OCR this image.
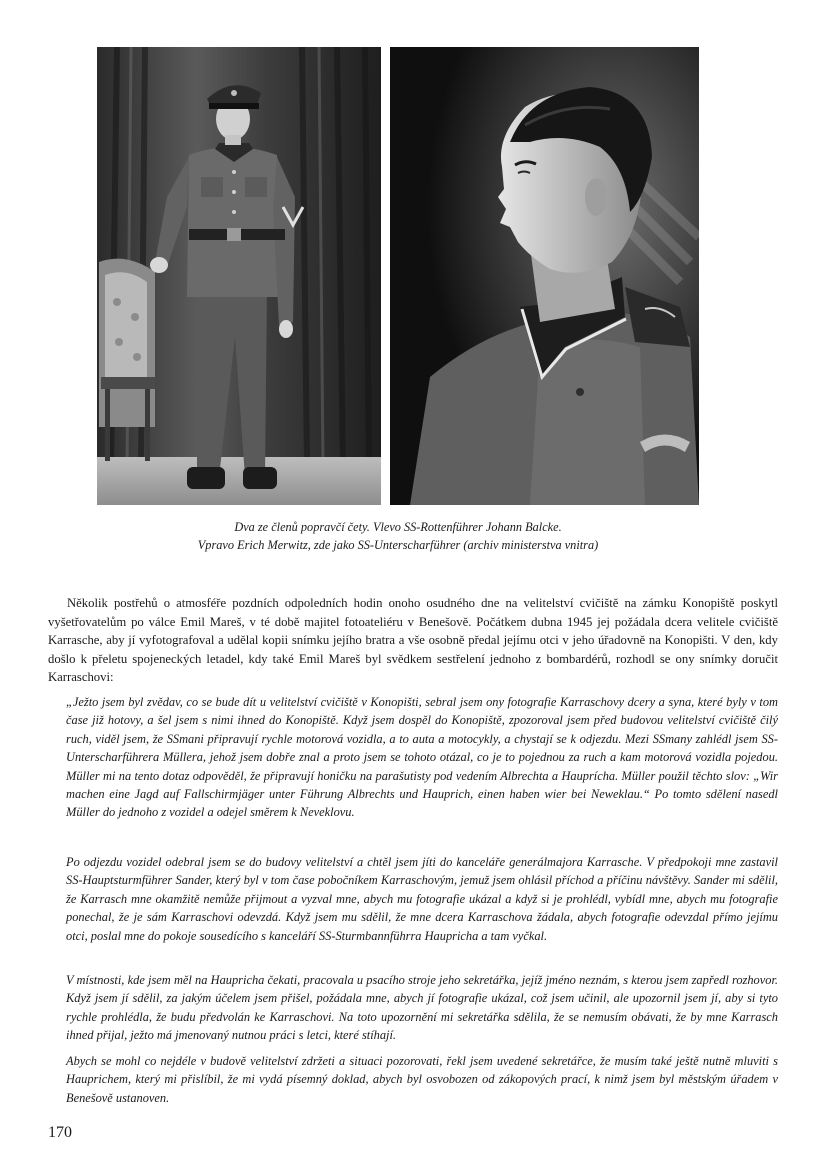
Dva ze členů popravčí čety. Vlevo SS-Rottenführer Johann Balcke.
Vpravo Erich Merwitz, zde jako SS-Unterscharführer (archiv ministerstva vnitra)

Několik postřehů o atmosféře pozdních odpoledních hodin onoho osudného dne na velitelství cvičiště na zámku Konopiště poskytl vyšetřovatelům po válce Emil Mareš, v té době majitel fotoateliéru v Benešově. Počátkem dubna 1945 jej požádala dcera velitele cvičiště Karrasche, aby jí vyfotografoval a udělal kopii snímku jejího bratra a vše osobně předal jejímu otci v jeho úřadovně na Konopišti. V den, kdy došlo k přeletu spojeneckých letadel, kdy také Emil Mareš byl svědkem sestřelení jednoho z bombardérů, rozhodl se ony snímky doručit Karraschovi:

„Ježto jsem byl zvědav, co se bude dít u velitelství cvičiště v Konopišti, sebral jsem ony fotografie Karraschovy dcery a syna, které byly v tom čase již hotovy, a šel jsem s nimi ihned do Konopiště. Když jsem dospěl do Konopiště, zpozoroval jsem před budovou velitelství cvičiště čilý ruch, viděl jsem, že SSmani připravují rychle motorová vozidla, a to auta a motocykly, a chystají se k odjezdu. Mezi SSmany zahlédl jsem SS-Unterscharführera Müllera, jehož jsem dobře znal a proto jsem se tohoto otázal, co je to pojednou za ruch a kam motorová vozidla pojedou. Müller mi na tento dotaz odpověděl, že připravují honičku na parašutisty pod vedením Albrechta a Hauprícha. Müller použil těchto slov: „Wir machen eine Jagd auf Fallschirmjäger unter Führung Albrechts und Hauprich, einen haben wier bei Neweklau.“ Po tomto sdělení nasedl Müller do jednoho z vozidel a odejel směrem k Neveklovu.

Po odjezdu vozidel odebral jsem se do budovy velitelství a chtěl jsem jíti do kanceláře generálmajora Karrasche. V předpokoji mne zastavil SS-Hauptsturmführer Sander, který byl v tom čase pobočníkem Karraschovým, jemuž jsem ohlásil příchod a příčinu návštěvy. Sander mi sdělil, že Karrasch mne okamžitě nemůže přijmout a vyzval mne, abych mu fotografie ukázal a když si je prohlédl, vybídl mne, abych mu fotografie ponechal, že je sám Karraschovi odevzdá. Když jsem mu sdělil, že mne dcera Karraschova žádala, abych fotografie odevzdal přímo jejímu otci, poslal mne do pokoje sousedícího s kanceláří SS-Sturmbannführra Haupricha a tam vyčkal.

V místnosti, kde jsem měl na Haupricha čekati, pracovala u psacího stroje jeho sekretářka, jejíž jméno neznám, s kterou jsem zapředl rozhovor. Když jsem jí sdělil, za jakým účelem jsem přišel, požádala mne, abych jí fotografie ukázal, což jsem učinil, ale upozornil jsem jí, aby si tyto rychle prohlédla, že budu předvolán ke Karraschovi. Na toto upozornění mi sekretářka sdělila, že se nemusím obávati, že by mne Karrasch ihned přijal, ježto má jmenovaný nutnou práci s letci, které stíhají.

Abych se mohl co nejdéle v budově velitelství zdržeti a situaci pozorovati, řekl jsem uvedené sekretářce, že musím také ještě nutně mluviti s Hauprichem, který mi přislíbil, že mi vydá písemný doklad, abych byl osvobozen od zákopových prací, k nimž jsem byl městským úřadem v Benešově ustanoven.

170
